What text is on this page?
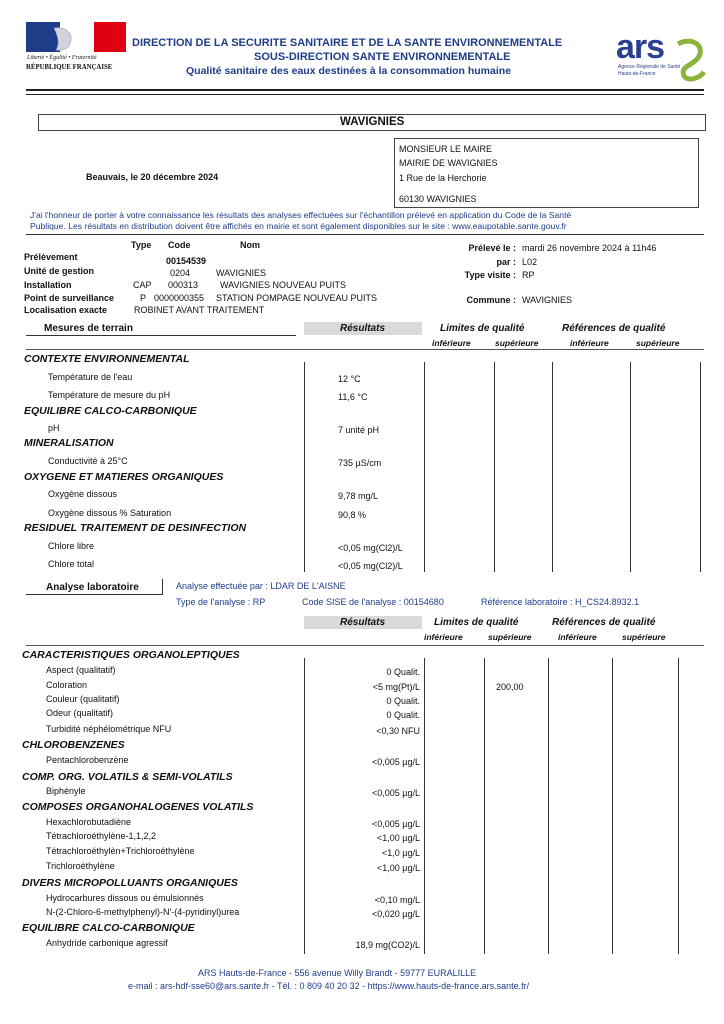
Liberté • Égalité • Fraternité
RÉPUBLIQUE FRANÇAISE
DIRECTION DE LA SECURITE SANITAIRE ET DE LA SANTE ENVIRONNEMENTALE
SOUS-DIRECTION SANTE ENVIRONNEMENTALE
Qualité sanitaire des eaux destinées à la consommation humaine
ars
Agence Régionale de Santé
Hauts-de-France
WAVIGNIES
MONSIEUR LE MAIRE
MAIRIE DE WAVIGNIES
1 Rue de la Herchorie
60130 WAVIGNIES
Beauvais, le 20 décembre 2024
J'ai l'honneur de porter à votre connaissance les résultats des analyses effectuées sur l'échantillon prélevé en application du Code de la Santé
Publique. Les résultats en distribution doivent être affichés en mairie et sont également disponibles sur le site : www.eaupotable.sante.gouv.fr
Type Code	Nom
Prélèvement	00154539
Unité de gestion	0204	WAVIGNIES
Installation	CAP 000313 WAVIGNIES NOUVEAU PUITS
Point de surveillance	P 0000000355 STATION POMPAGE NOUVEAU PUITS
Localisation exacte	ROBINET AVANT TRAITEMENT
Prélevé le : mardi 26 novembre 2024 à 11h46
par : L02
Type visite : RP
Commune : WAVIGNIES
Mesures de terrain	Résultats	Limites de qualité	Références de qualité
inférieure	supérieure	inférieure	supérieure
CONTEXTE ENVIRONNEMENTAL
Température de l'eau	12 °C
Température de mesure du pH	11,6 °C
EQUILIBRE CALCO-CARBONIQUE
pH	7 unité pH
MINERALISATION
Conductivité à 25°C	735 µS/cm
OXYGENE ET MATIERES ORGANIQUES
Oxygène dissous	9,78 mg/L
Oxygène dissous % Saturation	90,8 %
RESIDUEL TRAITEMENT DE DESINFECTION
Chlore libre	<0,05 mg(Cl2)/L
Chlore total	<0,05 mg(Cl2)/L
Analyse laboratoire	Analyse effectuée par : LDAR DE L'AISNE
Type de l'analyse : RP	Code SISE de l'analyse : 00154680	Référence laboratoire : H_CS24.8932.1
Résultats	Limites de qualité	Références de qualité
inférieure	supérieure	inférieure	supérieure
CARACTERISTIQUES ORGANOLEPTIQUES
Aspect (qualitatif)	0 Qualit.
Coloration	<5 mg(Pt)/L	200,00
Couleur (qualitatif)	0 Qualit.
Odeur (qualitatif)	0 Qualit.
Turbidité néphélométrique NFU	<0,30 NFU
CHLOROBENZENES
Pentachlorobenzène	<0,005 µg/L
COMP. ORG. VOLATILS & SEMI-VOLATILS
Biphényle	<0,005 µg/L
COMPOSES ORGANOHALOGENES VOLATILS
Hexachlorobutadiène	<0,005 µg/L
Tétrachloroéthylène-1,1,2,2	<1,00 µg/L
Tétrachloroéthylèn+Trichloroéthylène	<1,0 µg/L
Trichloroéthylène	<1,00 µg/L
DIVERS MICROPOLLUANTS ORGANIQUES
Hydrocarbures dissous ou émulsionnés	<0,10 mg/L
N-(2-Chloro-6-methylphenyl)-N'-(4-pyridinyl)urea	<0,020 µg/L
EQUILIBRE CALCO-CARBONIQUE
Anhydride carbonique agressif	18,9 mg(CO2)/L
ARS Hauts-de-France - 556 avenue Willy Brandt - 59777 EURALILLE
e-mail : ars-hdf-sse60@ars.sante.fr - Tél. : 0 809 40 20 32 - https://www.hauts-de-france.ars.sante.fr/
